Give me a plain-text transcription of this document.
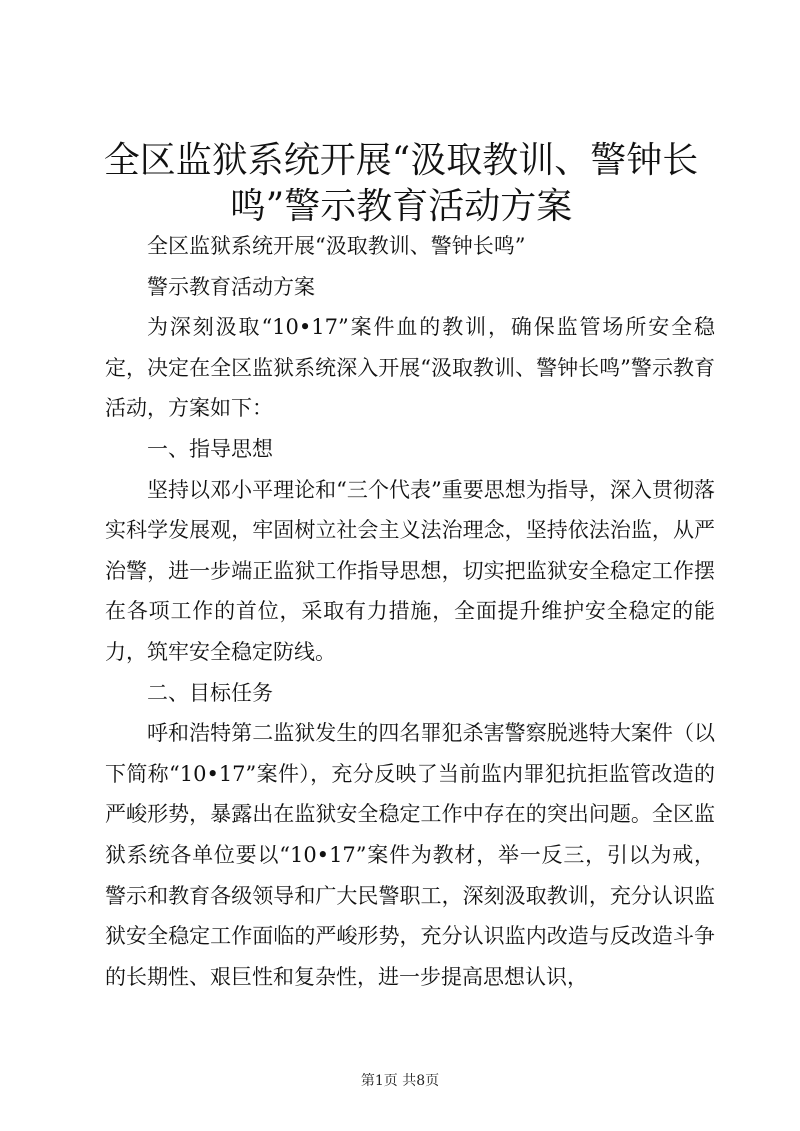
全区监狱系统开展“汲取教训、警钟长鸣”警示教育活动方案

全区监狱系统开展“汲取教训、警钟长鸣”

警示教育活动方案

为深刻汲取“10•17”案件血的教训，确保监管场所安全稳定，决定在全区监狱系统深入开展“汲取教训、警钟长鸣”警示教育活动，方案如下：

一、指导思想

坚持以邓小平理论和“三个代表”重要思想为指导，深入贯彻落实科学发展观，牢固树立社会主义法治理念，坚持依法治监，从严治警，进一步端正监狱工作指导思想，切实把监狱安全稳定工作摆在各项工作的首位，采取有力措施，全面提升维护安全稳定的能力，筑牢安全稳定防线。

二、目标任务

呼和浩特第二监狱发生的四名罪犯杀害警察脱逃特大案件（以下简称“10•17”案件），充分反映了当前监内罪犯抗拒监管改造的严峻形势，暴露出在监狱安全稳定工作中存在的突出问题。全区监狱系统各单位要以“10•17”案件为教材，举一反三，引以为戒，警示和教育各级领导和广大民警职工，深刻汲取教训，充分认识监狱安全稳定工作面临的严峻形势，充分认识监内改造与反改造斗争的长期性、艰巨性和复杂性，进一步提高思想认识，

第1页 共8页
